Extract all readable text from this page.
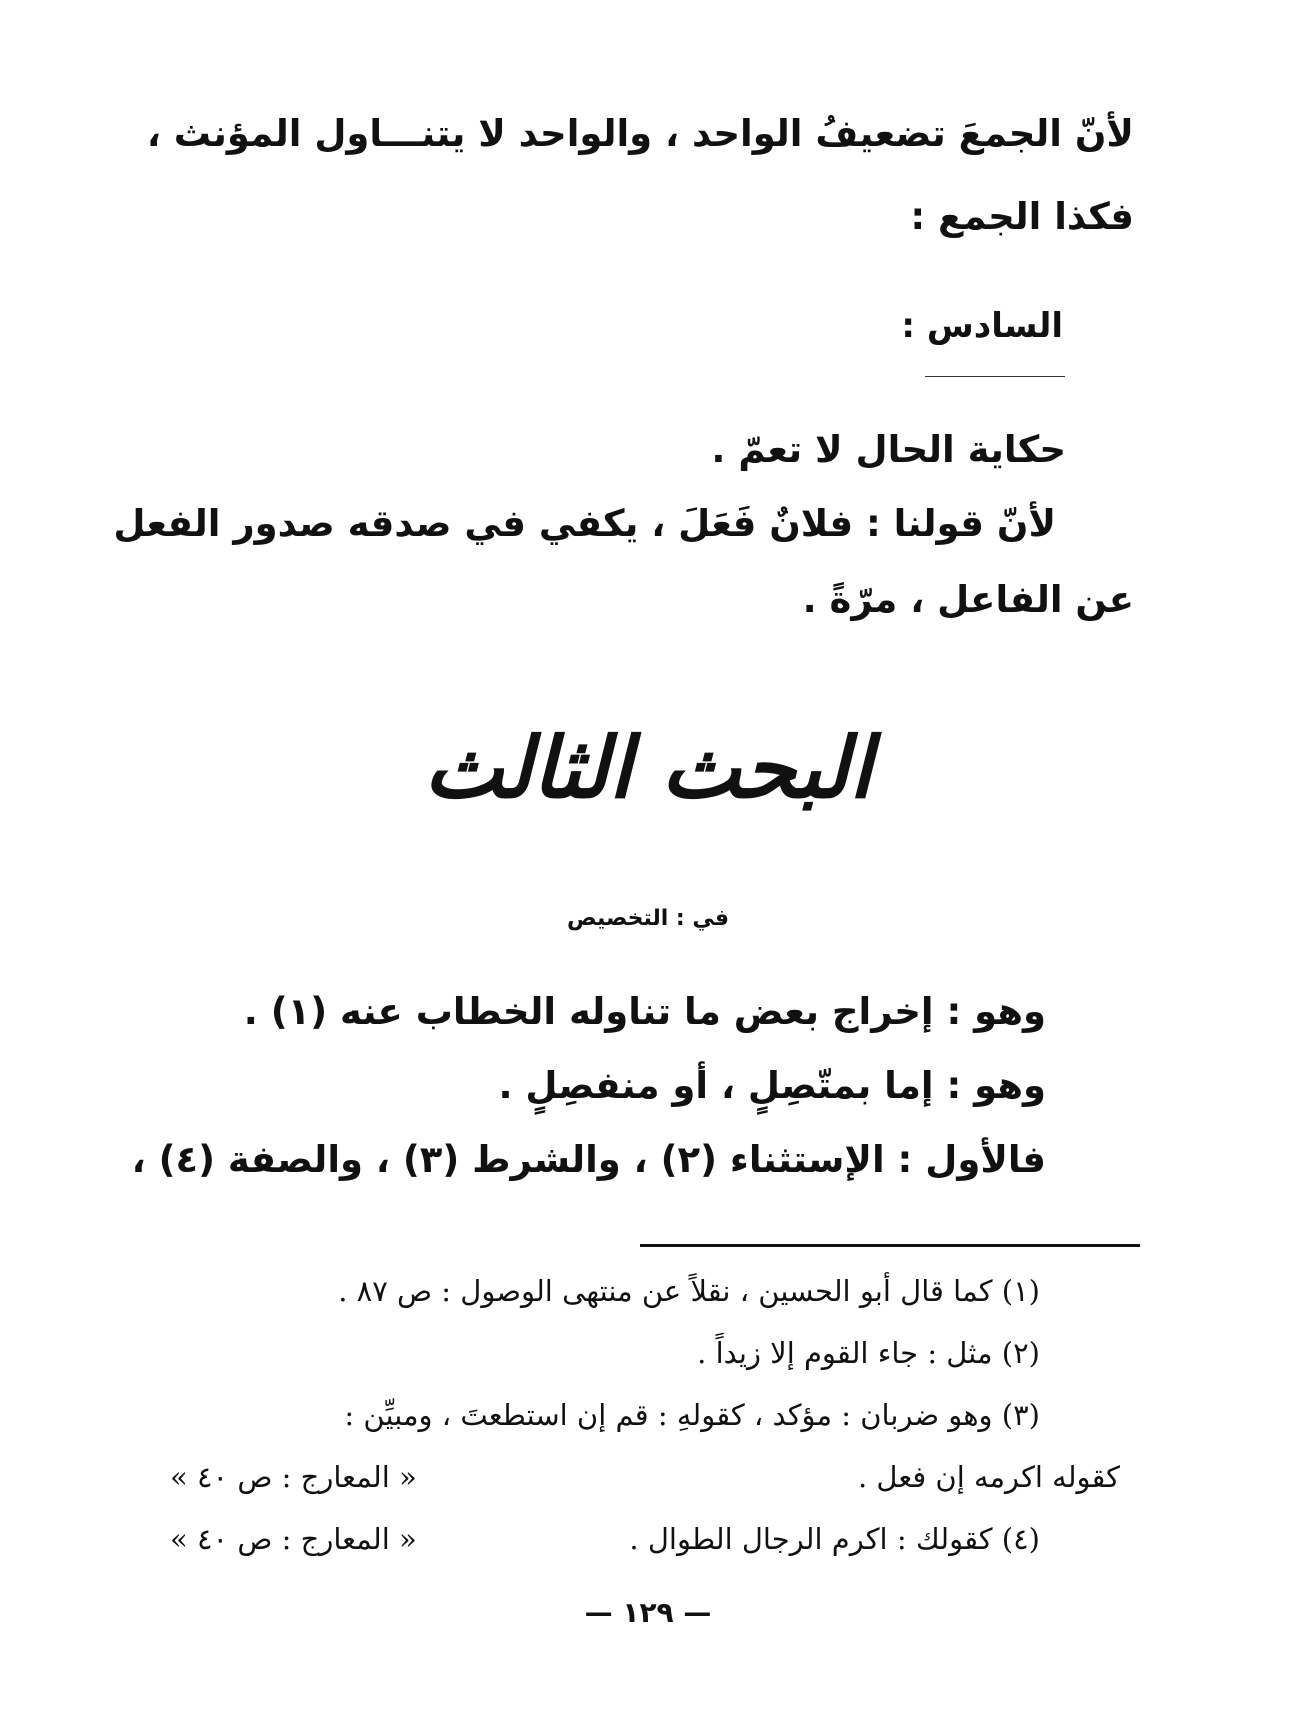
لأنّ الجمعَ تضعيفُ الواحد ، والواحد لا يتنـــاول المؤنث ،
فكذا الجمع :
السادس :
حكاية الحال لا تعمّ .
لأنّ قولنا : فلانٌ فَعَلَ ، يكفي في صدقه صدور الفعل
عن الفاعل ، مرّةً .
البحث الثالث
في : التخصيص
وهو : إخراج بعض ما تناوله الخطاب عنه (١) .
وهو : إما بمتّصِلٍ ، أو منفصِلٍ .
فالأول : الإستثناء (٢) ، والشرط (٣) ، والصفة (٤) ،
(١) كما قال أبو الحسين ، نقلاً عن منتهى الوصول : ص ٨٧ .
(٢) مثل : جاء القوم إلا زيداً .
(٣) وهو ضربان : مؤكد ، كقولهِ : قم إن استطعتَ ، ومبيِّن :
كقوله اكرمه إن فعل .
« المعارج : ص ٤٠ »
(٤) كقولك : اكرم الرجال الطوال .
« المعارج : ص ٤٠ »
— ١٢٩ —
